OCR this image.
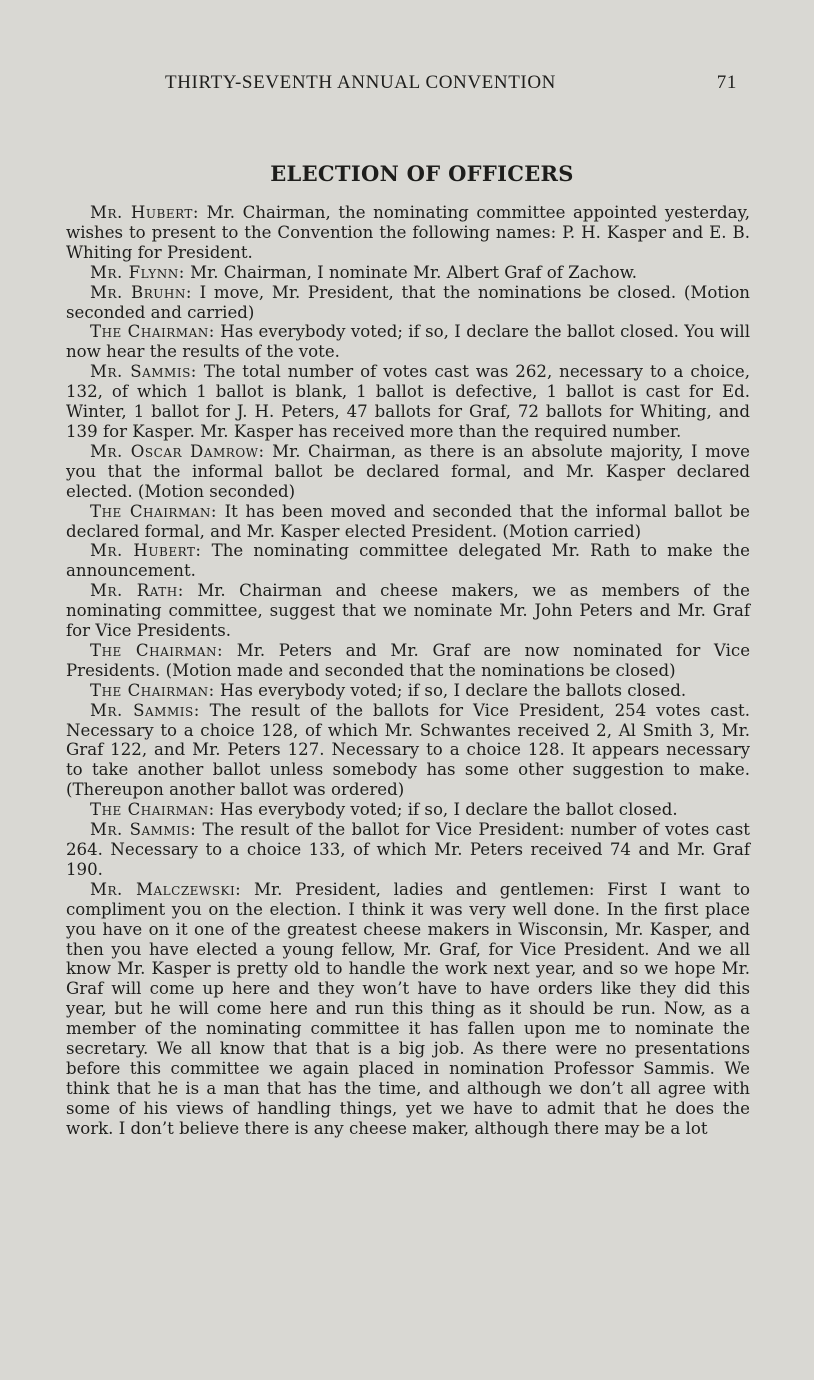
THIRTY-SEVENTH ANNUAL CONVENTION	71
ELECTION OF OFFICERS

Mr. Hubert: Mr. Chairman, the nominating committee appointed yesterday, wishes to present to the Convention the following names: P. H. Kasper and E. B. Whiting for President.

Mr. Flynn: Mr. Chairman, I nominate Mr. Albert Graf of Zachow.

Mr. Bruhn: I move, Mr. President, that the nominations be closed. (Motion seconded and carried)

The Chairman: Has everybody voted; if so, I declare the ballot closed. You will now hear the results of the vote.

Mr. Sammis: The total number of votes cast was 262, necessary to a choice, 132, of which 1 ballot is blank, 1 ballot is defective, 1 ballot is cast for Ed. Winter, 1 ballot for J. H. Peters, 47 ballots for Graf, 72 ballots for Whiting, and 139 for Kasper. Mr. Kasper has received more than the required number.

Mr. Oscar Damrow: Mr. Chairman, as there is an absolute majority, I move you that the informal ballot be declared formal, and Mr. Kasper declared elected. (Motion seconded)

The Chairman: It has been moved and seconded that the informal ballot be declared formal, and Mr. Kasper elected President. (Motion carried)

Mr. Hubert: The nominating committee delegated Mr. Rath to make the announcement.

Mr. Rath: Mr. Chairman and cheese makers, we as members of the nominating committee, suggest that we nominate Mr. John Peters and Mr. Graf for Vice Presidents.

The Chairman: Mr. Peters and Mr. Graf are now nominated for Vice Presidents. (Motion made and seconded that the nominations be closed)

The Chairman: Has everybody voted; if so, I declare the ballots closed.

Mr. Sammis: The result of the ballots for Vice President, 254 votes cast. Necessary to a choice 128, of which Mr. Schwantes received 2, Al Smith 3, Mr. Graf 122, and Mr. Peters 127. Necessary to a choice 128. It appears necessary to take another ballot unless somebody has some other suggestion to make. (Thereupon another ballot was ordered)

The Chairman: Has everybody voted; if so, I declare the ballot closed.

Mr. Sammis: The result of the ballot for Vice President: number of votes cast 264. Necessary to a choice 133, of which Mr. Peters received 74 and Mr. Graf 190.

Mr. Malczewski: Mr. President, ladies and gentlemen: First I want to compliment you on the election. I think it was very well done. In the first place you have on it one of the greatest cheese makers in Wisconsin, Mr. Kasper, and then you have elected a young fellow, Mr. Graf, for Vice President. And we all know Mr. Kasper is pretty old to handle the work next year, and so we hope Mr. Graf will come up here and they won’t have to have orders like they did this year, but he will come here and run this thing as it should be run. Now, as a member of the nominating committee it has fallen upon me to nominate the secretary. We all know that that is a big job. As there were no presentations before this committee we again placed in nomination Professor Sammis. We think that he is a man that has the time, and although we don’t all agree with some of his views of handling things, yet we have to admit that he does the work. I don’t believe there is any cheese maker, although there may be a lot
